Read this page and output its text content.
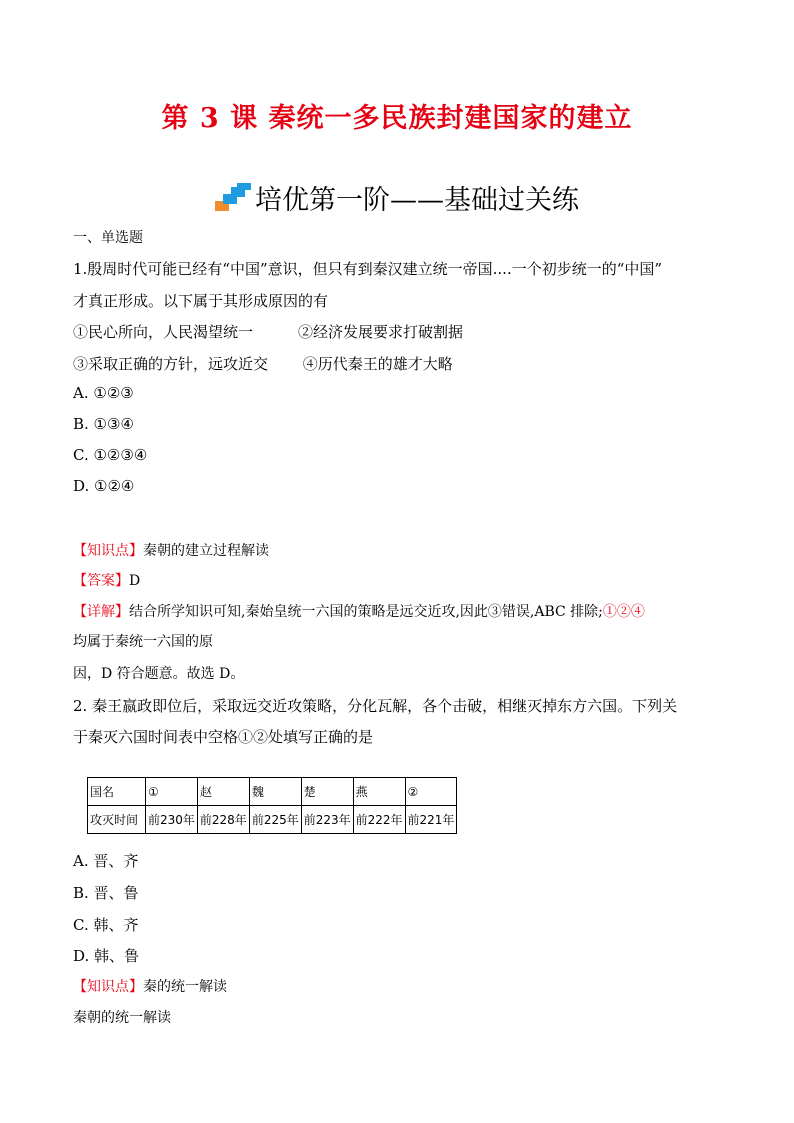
第 3 课 秦统一多民族封建国家的建立
培优第一阶——基础过关练
一、单选题
1.殷周时代可能已经有“中国”意识，但只有到秦汉建立统一帝国....一个初步统一的“中国”
才真正形成。以下属于其形成原因的有
①民心所向，人民渴望统一　　　②经济发展要求打破割据
③采取正确的方针，远攻近交　　 ④历代秦王的雄才大略
A. ①②③
B. ①③④
C. ①②③④
D. ①②④
【知识点】秦朝的建立过程解读
【答案】D
【详解】结合所学知识可知,秦始皇统一六国的策略是远交近攻,因此③错误,ABC 排除;①②④
均属于秦统一六国的原
因，D 符合题意。故选 D。
2. 秦王嬴政即位后，采取远交近攻策略，分化瓦解，各个击破，相继灭掉东方六国。下列关
于秦灭六国时间表中空格①②处填写正确的是
国名	①	赵	魏	楚	燕	②
攻灭时间	前230年	前228年	前225年	前223年	前222年	前221年
A. 晋、齐
B. 晋、鲁
C. 韩、齐
D. 韩、鲁
【知识点】秦的统一解读
秦朝的统一解读
